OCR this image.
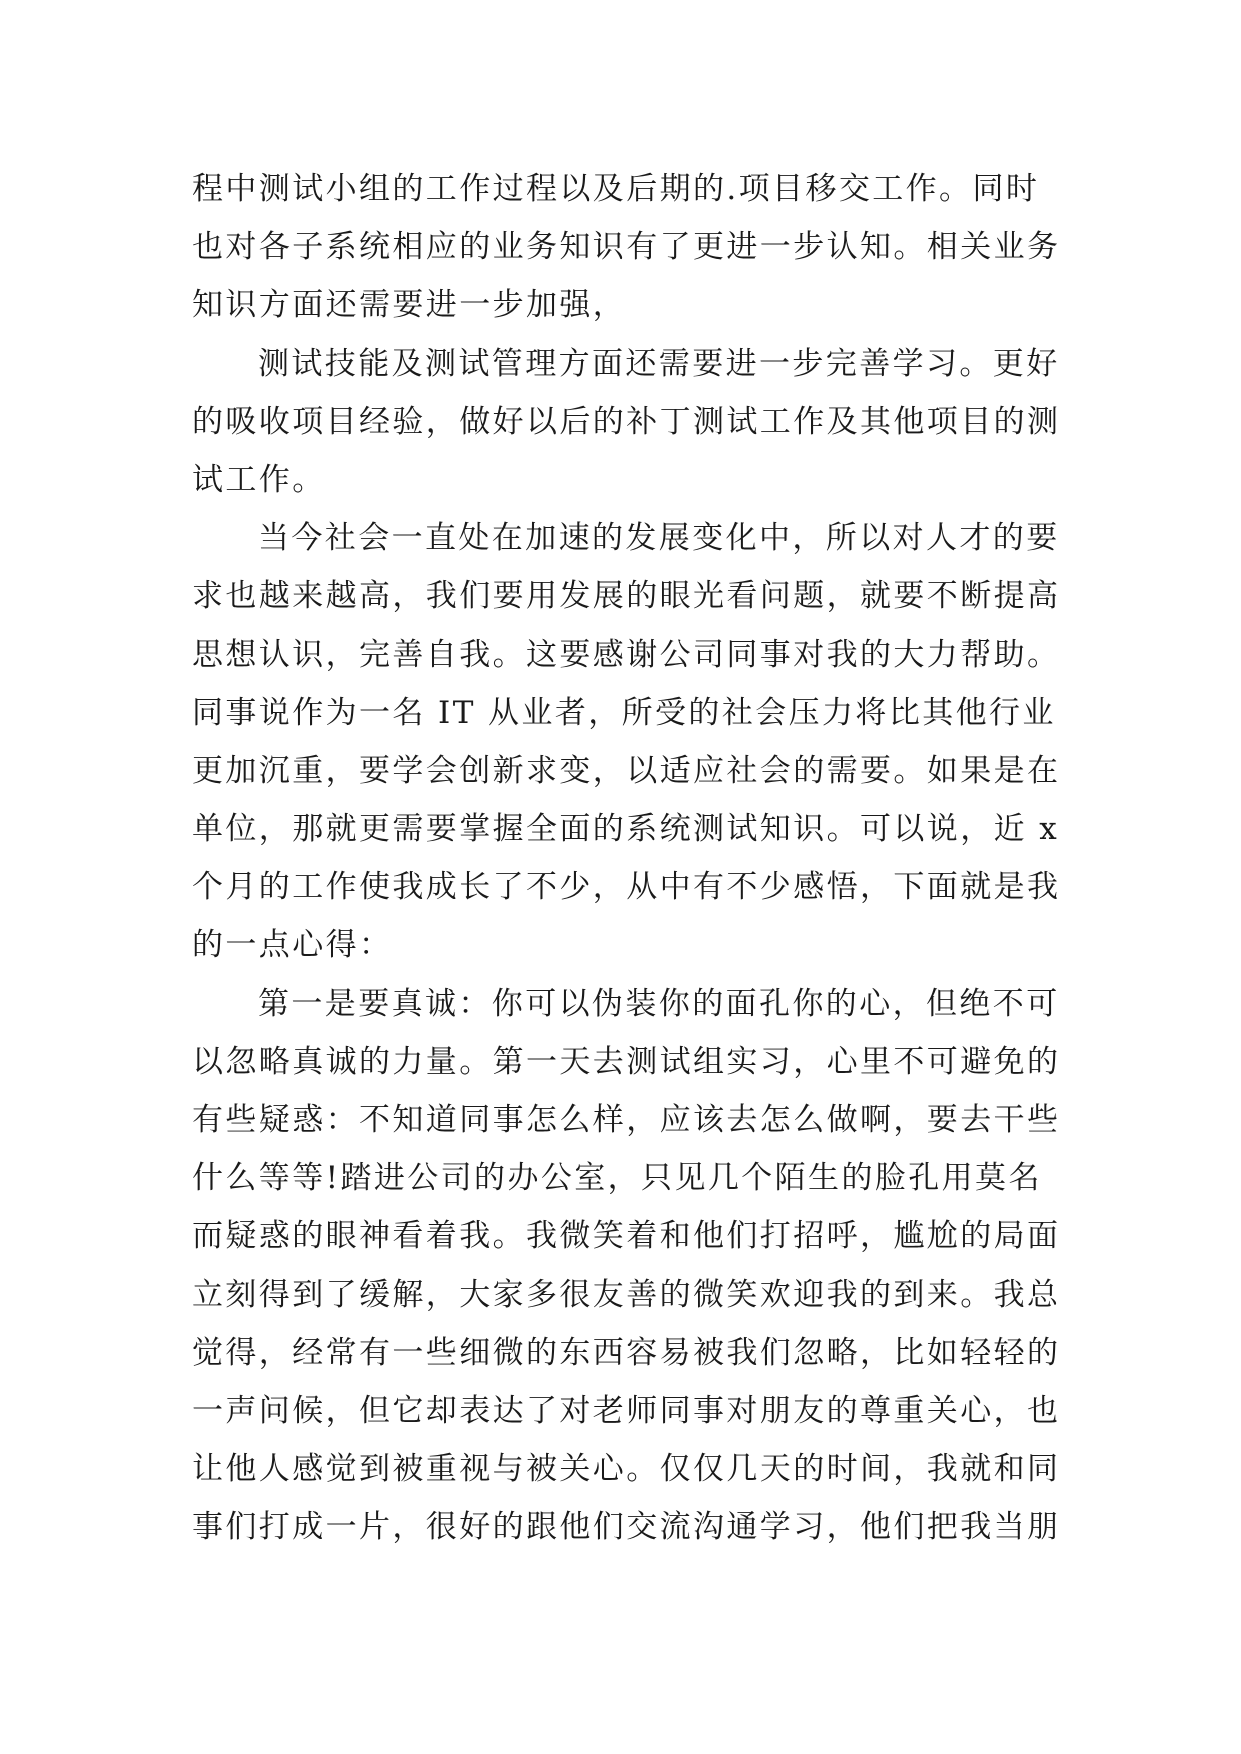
程中测试小组的工作过程以及后期的.项目移交工作。同时
也对各子系统相应的业务知识有了更进一步认知。相关业务
知识方面还需要进一步加强，
测试技能及测试管理方面还需要进一步完善学习。更好
的吸收项目经验，做好以后的补丁测试工作及其他项目的测
试工作。
当今社会一直处在加速的发展变化中，所以对人才的要
求也越来越高，我们要用发展的眼光看问题，就要不断提高
思想认识，完善自我。这要感谢公司同事对我的大力帮助。
同事说作为一名 IT 从业者，所受的社会压力将比其他行业
更加沉重，要学会创新求变，以适应社会的需要。如果是在
单位，那就更需要掌握全面的系统测试知识。可以说，近 x
个月的工作使我成长了不少，从中有不少感悟，下面就是我
的一点心得：
第一是要真诚：你可以伪装你的面孔你的心，但绝不可
以忽略真诚的力量。第一天去测试组实习，心里不可避免的
有些疑惑：不知道同事怎么样，应该去怎么做啊，要去干些
什么等等!踏进公司的办公室，只见几个陌生的脸孔用莫名
而疑惑的眼神看着我。我微笑着和他们打招呼，尴尬的局面
立刻得到了缓解，大家多很友善的微笑欢迎我的到来。我总
觉得，经常有一些细微的东西容易被我们忽略，比如轻轻的
一声问候，但它却表达了对老师同事对朋友的尊重关心，也
让他人感觉到被重视与被关心。仅仅几天的时间，我就和同
事们打成一片，很好的跟他们交流沟通学习，他们把我当朋
